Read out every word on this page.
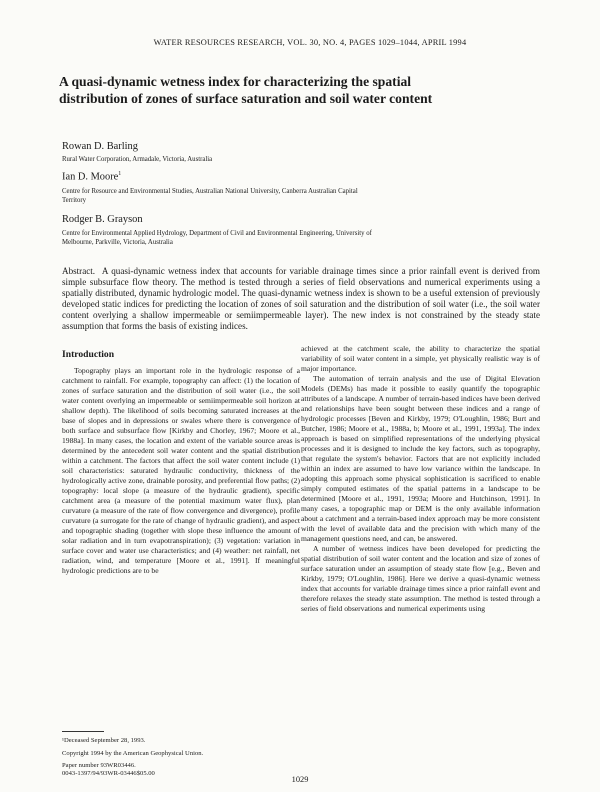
WATER RESOURCES RESEARCH, VOL. 30, NO. 4, PAGES 1029–1044, APRIL 1994
A quasi-dynamic wetness index for characterizing the spatial distribution of zones of surface saturation and soil water content
Rowan D. Barling
Rural Water Corporation, Armadale, Victoria, Australia
Ian D. Moore$^1$
Centre for Resource and Environmental Studies, Australian National University, Canberra Australian Capital Territory
Rodger B. Grayson
Centre for Environmental Applied Hydrology, Department of Civil and Environmental Engineering, University of Melbourne, Parkville, Victoria, Australia
Abstract. A quasi-dynamic wetness index that accounts for variable drainage times since a prior rainfall event is derived from simple subsurface flow theory. The method is tested through a series of field observations and numerical experiments using a spatially distributed, dynamic hydrologic model. The quasi-dynamic wetness index is shown to be a useful extension of previously developed static indices for predicting the location of zones of soil saturation and the distribution of soil water (i.e., the soil water content overlying a shallow impermeable or semiimpermeable layer). The new index is not constrained by the steady state assumption that forms the basis of existing indices.
Introduction

Topography plays an important role in the hydrologic response of a catchment to rainfall. For example, topography can affect: (1) the location of zones of surface saturation and the distribution of soil water (i.e., the soil water content overlying an impermeable or semiimpermeable soil horizon at shallow depth). The likelihood of soils becoming saturated increases at the base of slopes and in depressions or swales where there is convergence of both surface and subsurface flow [Kirkby and Chorley, 1967; Moore et al., 1988a]. In many cases, the location and extent of the variable source areas is determined by the antecedent soil water content and the spatial distribution within a catchment. The factors that affect the soil water content include (1) soil characteristics: saturated hydraulic conductivity, thickness of the hydrologically active zone, drainable porosity, and preferential flow paths; (2) topography: local slope (a measure of the hydraulic gradient), specific catchment area (a measure of the potential maximum water flux), plan curvature (a measure of the rate of flow convergence and divergence), profile curvature (a surrogate for the rate of change of hydraulic gradient), and aspect and topographic shading (together with slope these influence the amount of solar radiation and in turn evapotranspiration); (3) vegetation: variation in surface cover and water use characteristics; and (4) weather: net rainfall, net radiation, wind, and temperature [Moore et al., 1991]. If meaningful hydrologic predictions are to be

achieved at the catchment scale, the ability to characterize the spatial variability of soil water content in a simple, yet physically realistic way is of major importance.

The automation of terrain analysis and the use of Digital Elevation Models (DEMs) has made it possible to easily quantify the topographic attributes of a landscape. A number of terrain-based indices have been derived and relationships have been sought between these indices and a range of hydrologic processes [Beven and Kirkby, 1979; O'Loughlin, 1986; Burt and Butcher, 1986; Moore et al., 1988a, b; Moore et al., 1991, 1993a]. The index approach is based on simplified representations of the underlying physical processes and it is designed to include the key factors, such as topography, that regulate the system's behavior. Factors that are not explicitly included within an index are assumed to have low variance within the landscape. In adopting this approach some physical sophistication is sacrificed to enable simply computed estimates of the spatial patterns in a landscape to be determined [Moore et al., 1991, 1993a; Moore and Hutchinson, 1991]. In many cases, a topographic map or DEM is the only available information about a catchment and a terrain-based index approach may be more consistent with the level of available data and the precision with which many of the management questions need, and can, be answered.

A number of wetness indices have been developed for predicting the spatial distribution of soil water content and the location and size of zones of surface saturation under an assumption of steady state flow [e.g., Beven and Kirkby, 1979; O'Loughlin, 1986]. Here we derive a quasi-dynamic wetness index that accounts for variable drainage times since a prior rainfall event and therefore relaxes the steady state assumption. The method is tested through a series of field observations and numerical experiments using

¹Deceased September 28, 1993.
Copyright 1994 by the American Geophysical Union.
Paper number 93WR03446.
0043-1397/94/93WR-03446$05.00
1029
